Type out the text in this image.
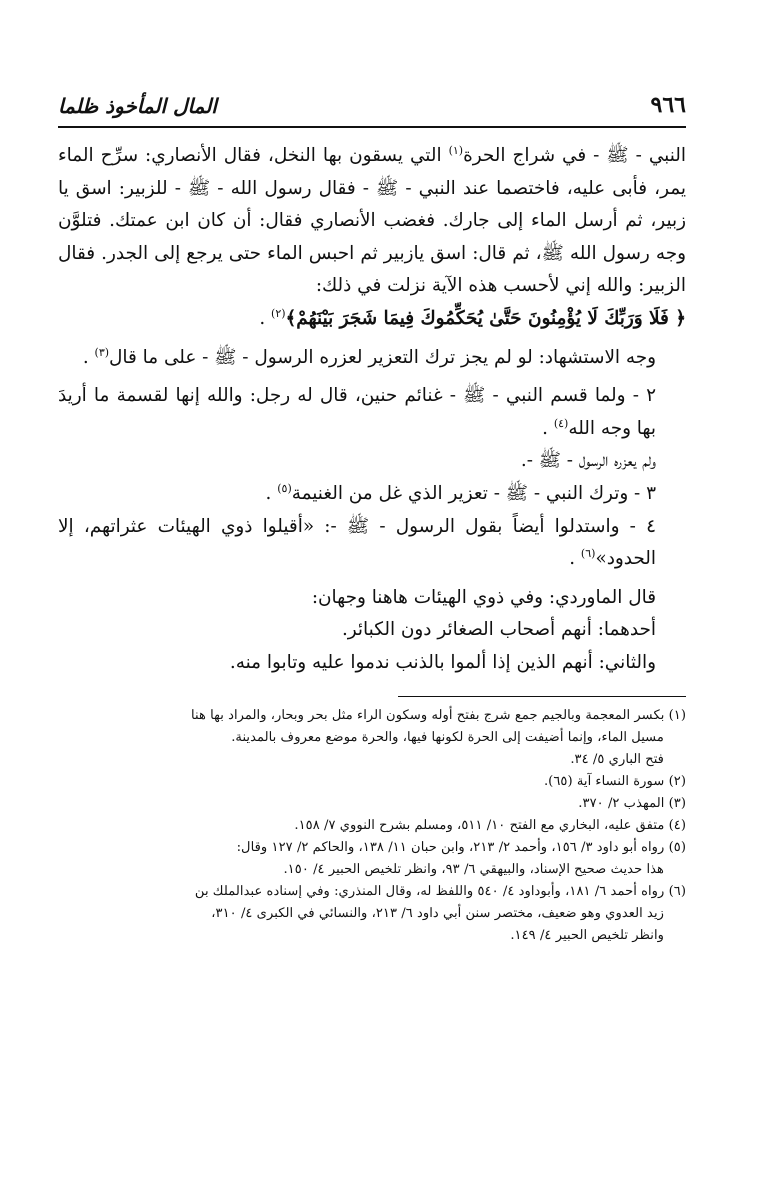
٩٦٦
المال المأخوذ ظلما

النبي - ﷺ - في شراج الحرة$^{(١)}$ التي يسقون بها النخل، فقال الأنصاري: سرِّح الماء يمر، فأبى عليه، فاختصما عند النبي - ﷺ - فقال رسول الله - ﷺ - للزبير: اسق يا زبير، ثم أرسل الماء إلى جارك. فغضب الأنصاري فقال: أن كان ابن عمتك. فتلوَّن وجه رسول الله ﷺ، ثم قال: اسق يازبير ثم احبس الماء حتى يرجع إلى الجدر. فقال الزبير: والله إني لأحسب هذه الآية نزلت في ذلك:

﴿ فَلَا وَرَبِّكَ لَا يُؤْمِنُونَ حَتَّىٰ يُحَكِّمُوكَ فِيمَا شَجَرَ بَيْنَهُمْ﴾$^{(٢)}$ .

وجه الاستشهاد: لو لم يجز ترك التعزير لعزره الرسول - ﷺ - على ما قال$^{(٣)}$ .

٢ - ولما قسم النبي - ﷺ - غنائم حنين، قال له رجل: والله إنها لقسمة ما أريدَ بها وجه الله$^{(٤)}$ .

ولم يعزره الرسول - ﷺ -.

٣ - وترك النبي - ﷺ - تعزير الذي غل من الغنيمة$^{(٥)}$ .

٤ - واستدلوا أيضاً بقول الرسول - ﷺ -: «أقيلوا ذوي الهيئات عثراتهم، إلا الحدود»$^{(٦)}$ .

قال الماوردي: وفي ذوي الهيئات هاهنا وجهان:

أحدهما: أنهم أصحاب الصغائر دون الكبائر.

والثاني: أنهم الذين إذا ألموا بالذنب ندموا عليه وتابوا منه.

(١) بكسر المعجمة وبالجيم جمع شرج بفتح أوله وسكون الراء مثل بحر وبحار، والمراد بها هنا
مسيل الماء، وإنما أضيفت إلى الحرة لكونها فيها، والحرة موضع معروف بالمدينة.
فتح الباري ٥/ ٣٤.

(٢) سورة النساء آية (٦٥).

(٣) المهذب ٢/ ٣٧٠.

(٤) متفق عليه، البخاري مع الفتح ١٠/ ٥١١، ومسلم بشرح النووي ٧/ ١٥٨.

(٥) رواه أبو داود ٣/ ١٥٦، وأحمد ٢/ ٢١٣، وابن حبان ١١/ ١٣٨، والحاكم ٢/ ١٢٧ وقال:
هذا حديث صحيح الإسناد، والبيهقي ٦/ ٩٣، وانظر تلخيص الحبير ٤/ ١٥٠.

(٦) رواه أحمد ٦/ ١٨١، وأبوداود ٤/ ٥٤٠ واللفظ له، وقال المنذري: وفي إسناده عبدالملك بن
زيد العدوي وهو ضعيف، مختصر سنن أبي داود ٦/ ٢١٣، والنسائي في الكبرى ٤/ ٣١٠،
وانظر تلخيص الحبير ٤/ ١٤٩.
